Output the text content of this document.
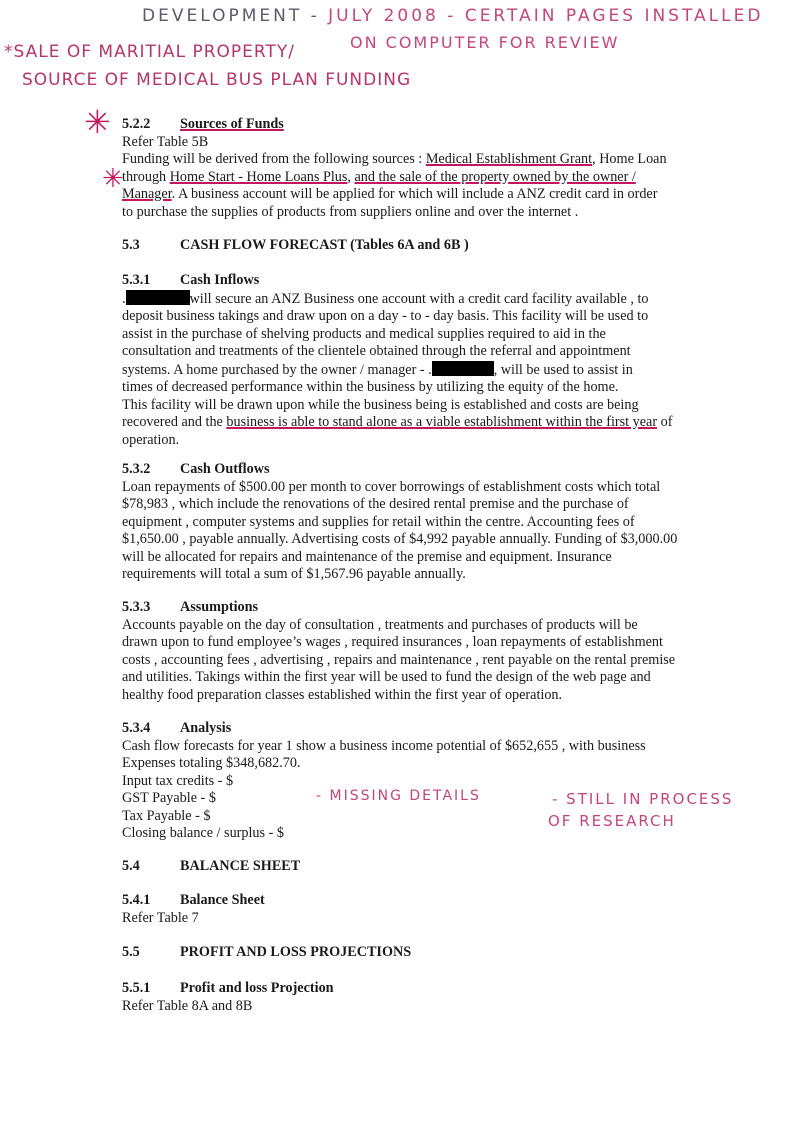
DEVELOPMENT - JULY 2008 - CERTAIN PAGES INSTALLED
ON COMPUTER FOR REVIEW
*SALE OF MARITIAL PROPERTY/
SOURCE OF MEDICAL BUS PLAN FUNDING
✳
✳
- MISSING DETAILS	- STILL IN PROCESS
OF RESEARCH

5.2.2 Sources of Funds

Refer Table 5B

Funding will be derived from the following sources : Medical Establishment Grant, Home Loan

through Home Start - Home Loans Plus, and the sale of the property owned by the owner /

Manager. A business account will be applied for which will include a ANZ credit card in order

to purchase the supplies of products from suppliers online and over the internet .

5.3	CASH FLOW FORECAST (Tables 6A and 6B )

5.3.1 Cash Inflows

.	will secure an ANZ Business one account with a credit card facility available , to

deposit business takings and draw upon on a day - to - day basis. This facility will be used to

assist in the purchase of shelving products and medical supplies required to aid in the

consultation and treatments of the clientele obtained through the referral and appointment

systems. A home purchased by the owner / manager - .	, will be used to assist in

times of decreased performance within the business by utilizing the equity of the home.

This facility will be drawn upon while the business being is established and costs are being

recovered and the business is able to stand alone as a viable establishment within the first year of

operation.

5.3.2 Cash Outflows

Loan repayments of $500.00 per month to cover borrowings of establishment costs which total

$78,983 , which include the renovations of the desired rental premise and the purchase of

equipment , computer systems and supplies for retail within the centre. Accounting fees of

$1,650.00 , payable annually. Advertising costs of $4,992 payable annually. Funding of $3,000.00

will be allocated for repairs and maintenance of the premise and equipment. Insurance

requirements will total a sum of $1,567.96 payable annually.

5.3.3 Assumptions

Accounts payable on the day of consultation , treatments and purchases of products will be

drawn upon to fund employee’s wages , required insurances , loan repayments of establishment

costs , accounting fees , advertising , repairs and maintenance , rent payable on the rental premise

and utilities. Takings within the first year will be used to fund the design of the web page and

healthy food preparation classes established within the first year of operation.

5.3.4 Analysis

Cash flow forecasts for year 1 show a business income potential of $652,655 , with business

Expenses totaling $348,682.70.

Input tax credits - $

GST Payable - $

Tax Payable - $

Closing balance / surplus - $

5.4	BALANCE SHEET

5.4.1 Balance Sheet

Refer Table 7

5.5	PROFIT AND LOSS PROJECTIONS

5.5.1 Profit and loss Projection

Refer Table 8A and 8B
